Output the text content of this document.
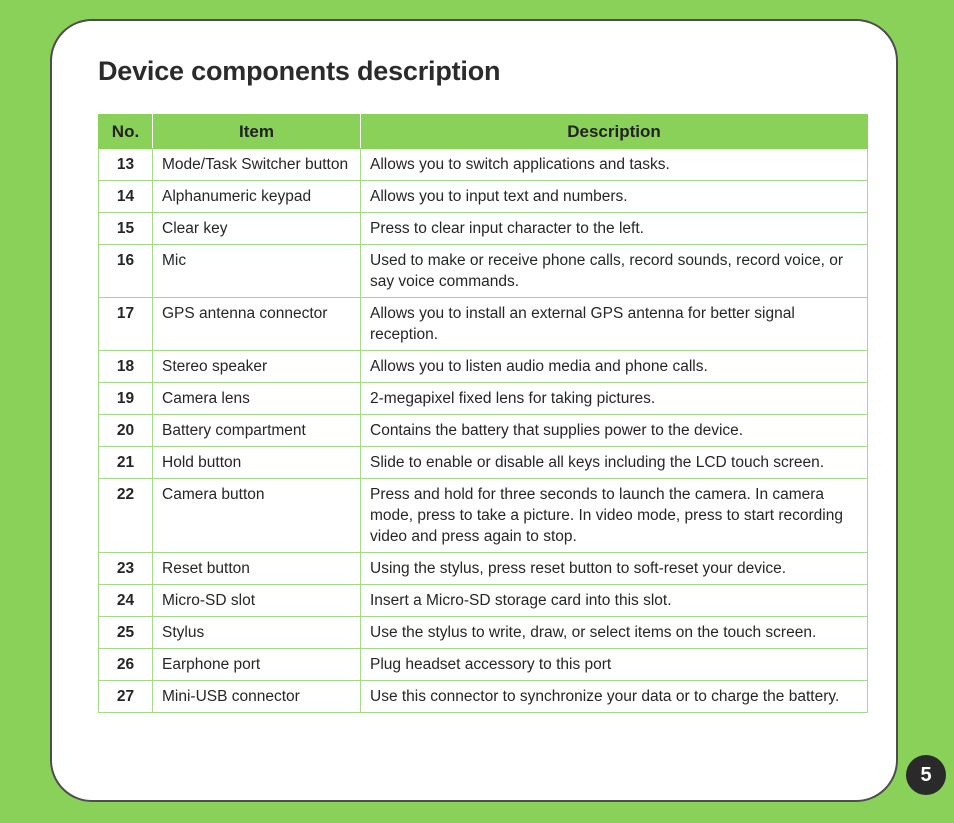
Device components description
No.	Item	Description
13	Mode/Task Switcher button	Allows you to switch applications and tasks.
14	Alphanumeric keypad	Allows you to input text and numbers.
15	Clear key	Press to clear input character to the left.
16	Mic	Used to make or receive phone calls, record sounds, record voice, or say voice commands.
17	GPS antenna connector	Allows you to install an external GPS antenna for better signal reception.
18	Stereo speaker	Allows you to listen audio media and phone calls.
19	Camera lens	2-megapixel fixed lens for taking pictures.
20	Battery compartment	Contains the battery that supplies power to the device.
21	Hold button	Slide to enable or disable all keys including the LCD touch screen.
22	Camera button	Press and hold for three seconds to launch the camera. In camera mode, press to take a picture. In video mode, press to start recording video and press again to stop.
23	Reset button	Using the stylus, press reset button to soft-reset your device.
24	Micro-SD slot	Insert a Micro-SD storage card into this slot.
25	Stylus	Use the stylus to write, draw, or select items on the touch screen.
26	Earphone port	Plug headset accessory to this port
27	Mini-USB connector	Use this connector to synchronize your data or to charge the battery.
5
